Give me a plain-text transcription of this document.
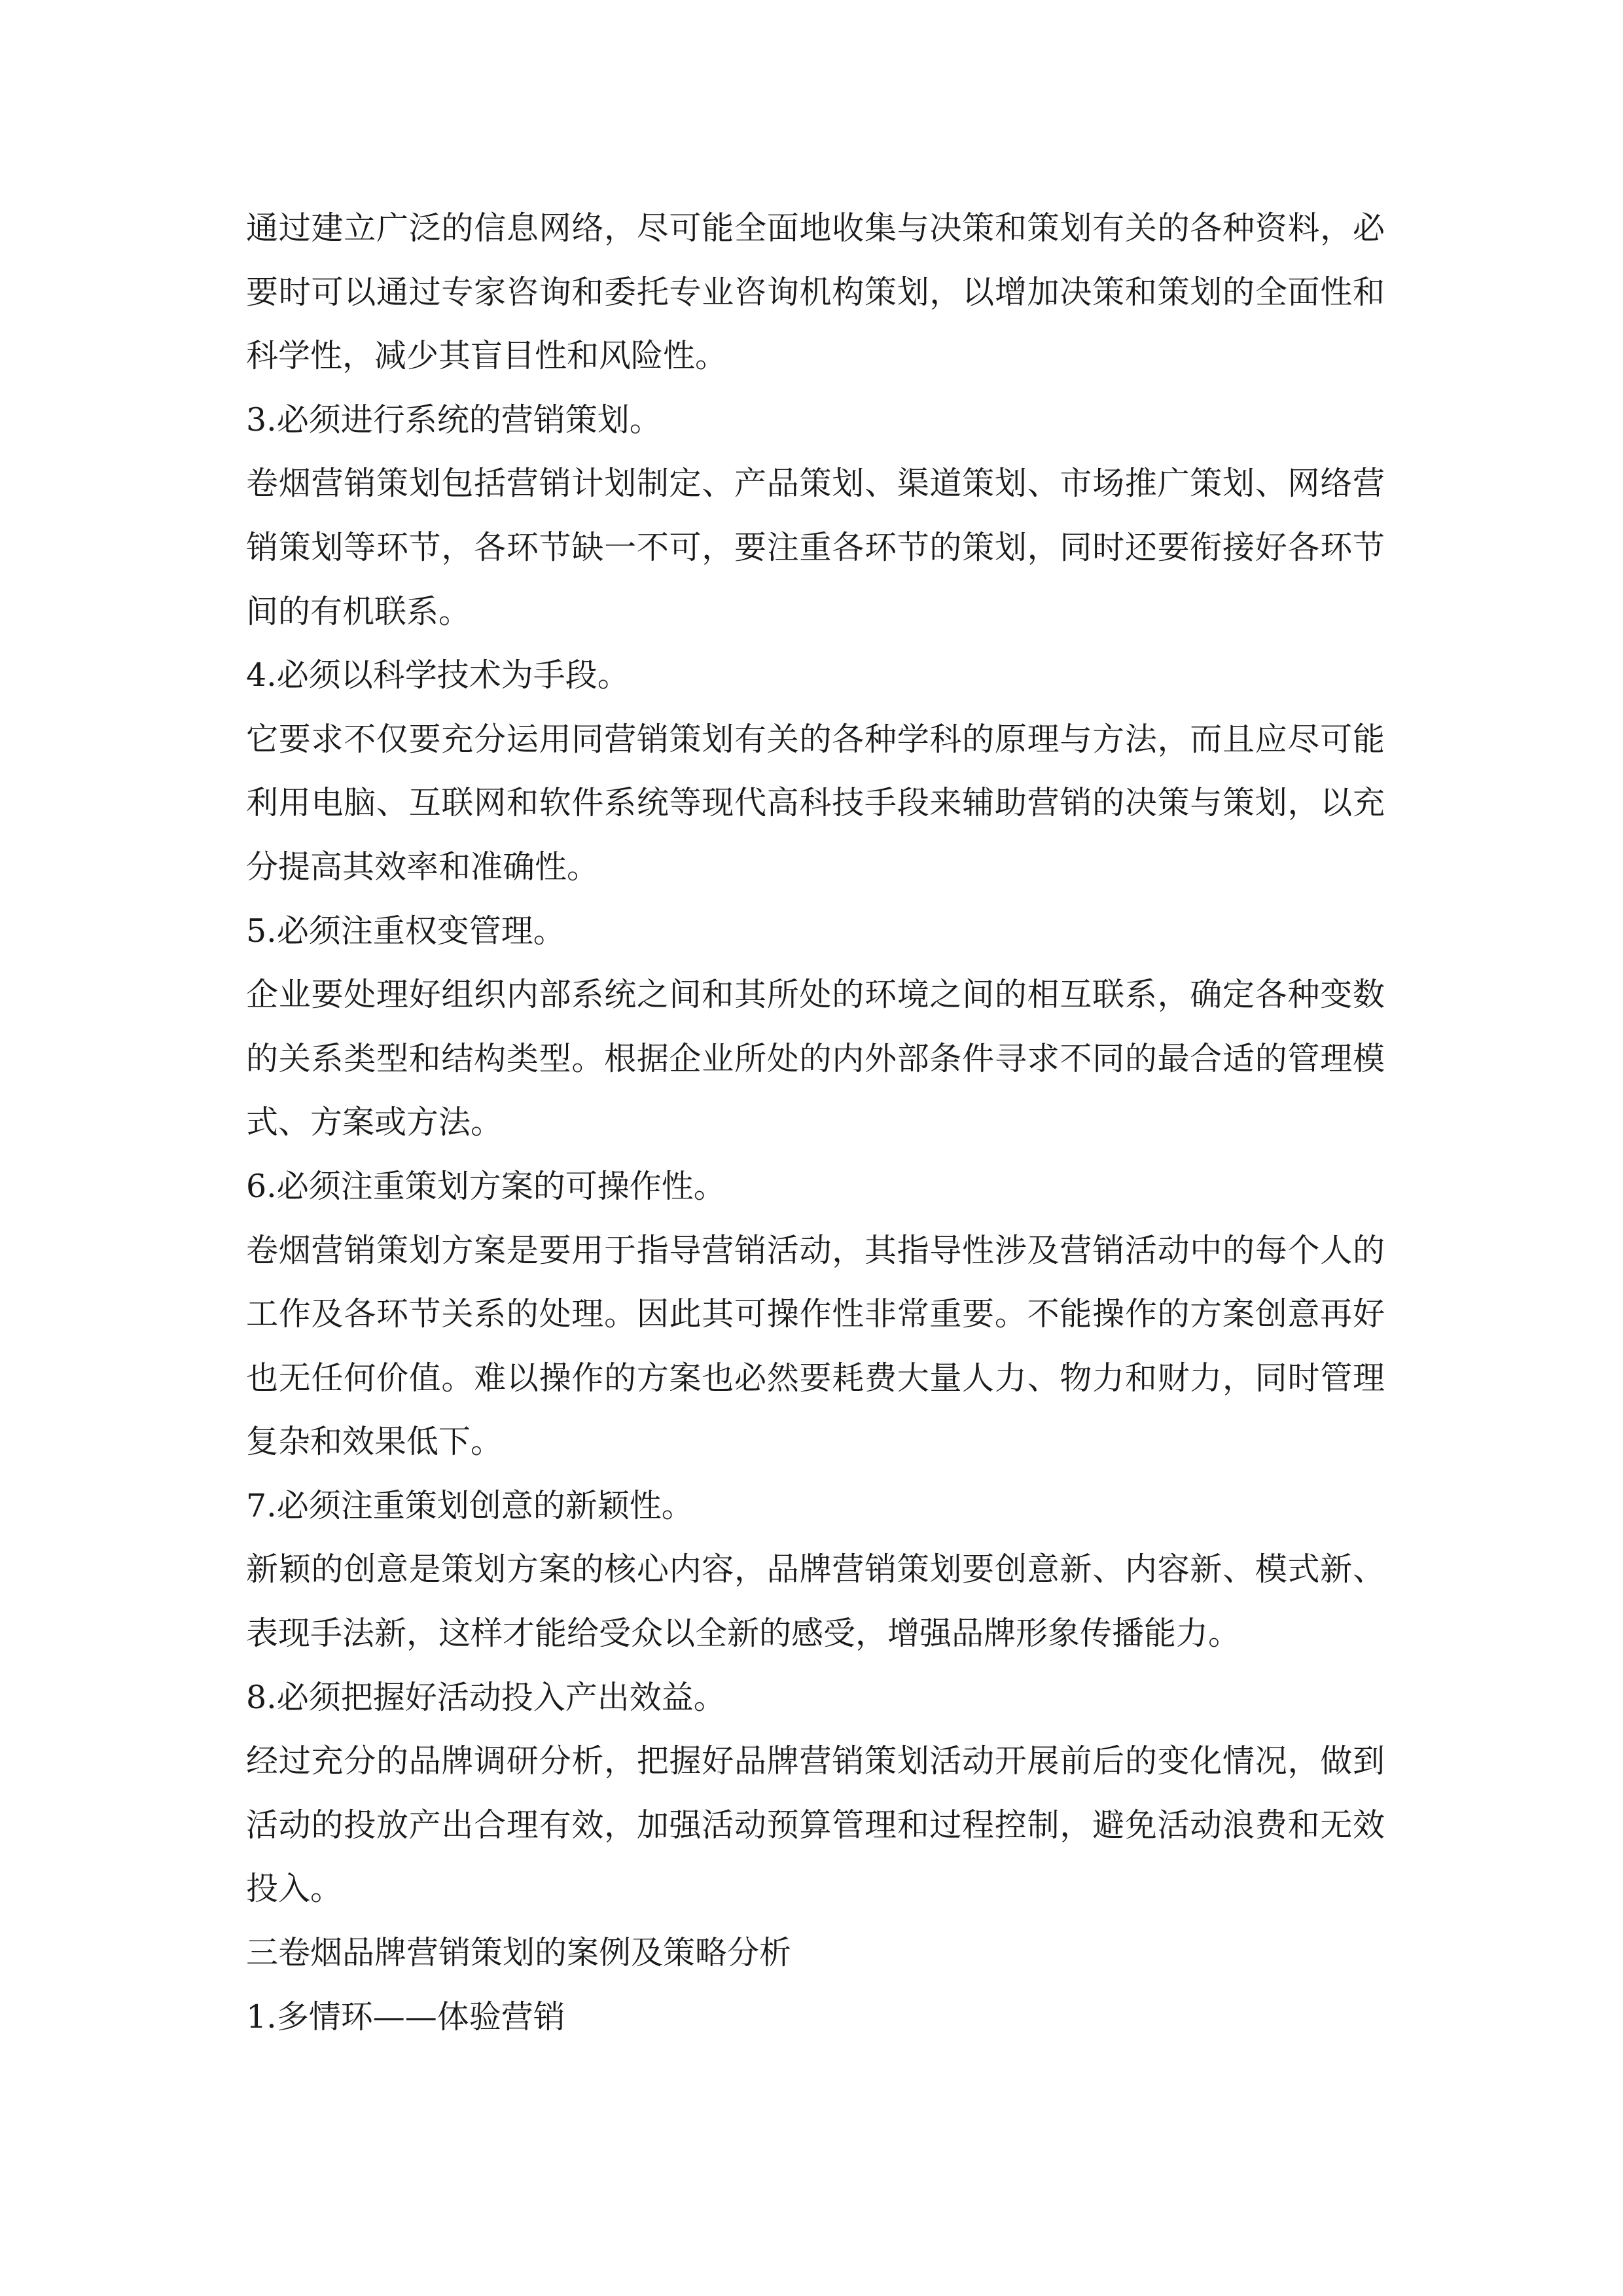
通过建立广泛的信息网络，尽可能全面地收集与决策和策划有关的各种资料，必
要时可以通过专家咨询和委托专业咨询机构策划，以增加决策和策划的全面性和
科学性，减少其盲目性和风险性。
3.必须进行系统的营销策划。
卷烟营销策划包括营销计划制定、产品策划、渠道策划、市场推广策划、网络营
销策划等环节，各环节缺一不可，要注重各环节的策划，同时还要衔接好各环节
间的有机联系。
4.必须以科学技术为手段。
它要求不仅要充分运用同营销策划有关的各种学科的原理与方法，而且应尽可能
利用电脑、互联网和软件系统等现代高科技手段来辅助营销的决策与策划，以充
分提高其效率和准确性。
5.必须注重权变管理。
企业要处理好组织内部系统之间和其所处的环境之间的相互联系，确定各种变数
的关系类型和结构类型。根据企业所处的内外部条件寻求不同的最合适的管理模
式、方案或方法。
6.必须注重策划方案的可操作性。
卷烟营销策划方案是要用于指导营销活动，其指导性涉及营销活动中的每个人的
工作及各环节关系的处理。因此其可操作性非常重要。不能操作的方案创意再好
也无任何价值。难以操作的方案也必然要耗费大量人力、物力和财力，同时管理
复杂和效果低下。
7.必须注重策划创意的新颖性。
新颖的创意是策划方案的核心内容，品牌营销策划要创意新、内容新、模式新、
表现手法新，这样才能给受众以全新的感受，增强品牌形象传播能力。
8.必须把握好活动投入产出效益。
经过充分的品牌调研分析，把握好品牌营销策划活动开展前后的变化情况，做到
活动的投放产出合理有效，加强活动预算管理和过程控制，避免活动浪费和无效
投入。
三卷烟品牌营销策划的案例及策略分析
1.多情环——体验营销
